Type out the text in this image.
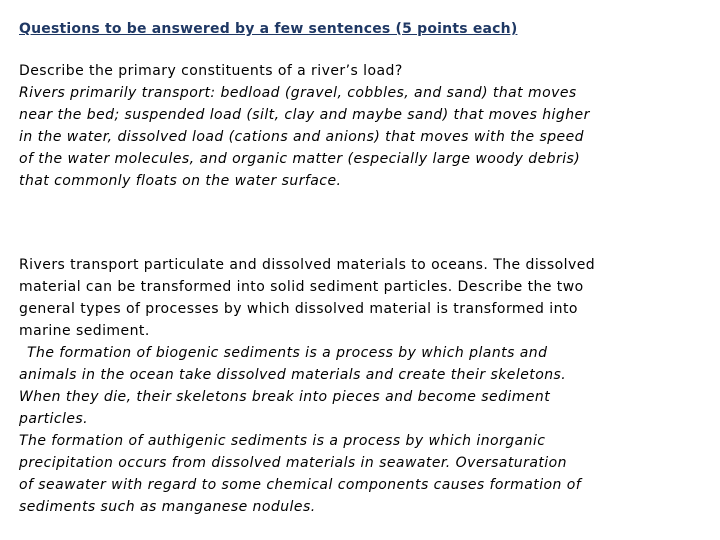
Questions to be answered by a few sentences (5 points each)

Describe the primary constituents of a river’s load?

Rivers primarily transport: bedload (gravel, cobbles, and sand) that moves

near the bed; suspended load (silt, clay and maybe sand) that moves higher

in the water, dissolved load (cations and anions) that moves with the speed

of the water molecules, and organic matter (especially large woody debris)

that commonly floats on the water surface.

Rivers transport particulate and dissolved materials to oceans. The dissolved

material can be transformed into solid sediment particles. Describe the two

general types of processes by which dissolved material is transformed into

marine sediment.

The formation of biogenic sediments is a process by which plants and

animals in the ocean take dissolved materials and create their skeletons.

When they die, their skeletons break into pieces and become sediment

particles.

The formation of authigenic sediments is a process by which inorganic

precipitation occurs from dissolved materials in seawater. Oversaturation

of seawater with regard to some chemical components causes formation of

sediments such as manganese nodules.
